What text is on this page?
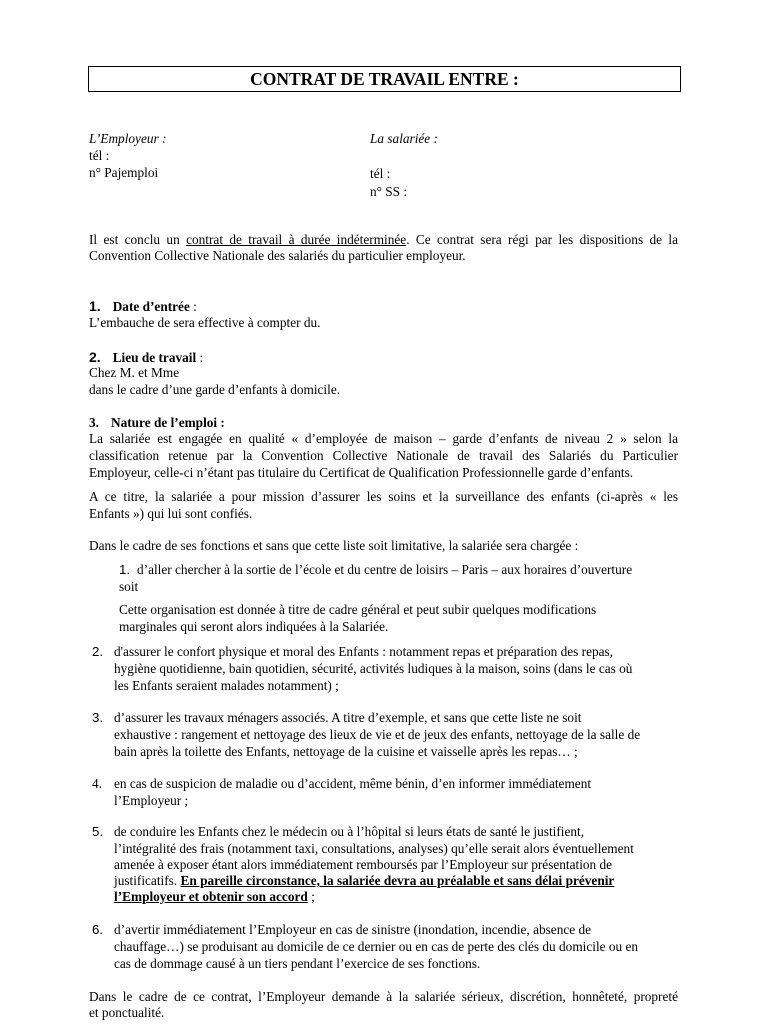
CONTRAT DE TRAVAIL ENTRE :
L’Employeur :
tél :
n° Pajemploi
La salariée :
tél :
n° SS :
Il est conclu un contrat de travail à durée indéterminée. Ce contrat sera régi par les dispositions de la
Convention Collective Nationale des salariés du particulier employeur.
1. Date d’entrée :
L’embauche de sera effective à compter du.
2. Lieu de travail :
Chez M. et Mme
dans le cadre d’une garde d’enfants à domicile.
3. Nature de l’emploi :
La salariée est engagée en qualité « d’employée de maison – garde d’enfants de niveau 2 » selon la
classification retenue par la Convention Collective Nationale de travail des Salariés du Particulier
Employeur, celle-ci n’étant pas titulaire du Certificat de Qualification Professionnelle garde d’enfants.
A ce titre, la salariée a pour mission d’assurer les soins et la surveillance des enfants (ci-après « les
Enfants ») qui lui sont confiés.
Dans le cadre de ses fonctions et sans que cette liste soit limitative, la salariée sera chargée :
1. d’aller chercher à la sortie de l’école et du centre de loisirs – Paris – aux horaires d’ouverture
soit
Cette organisation est donnée à titre de cadre général et peut subir quelques modifications
marginales qui seront alors indiquées à la Salariée.
2. d'assurer le confort physique et moral des Enfants : notamment repas et préparation des repas,
hygiène quotidienne, bain quotidien, sécurité, activités ludiques à la maison, soins (dans le cas où
les Enfants seraient malades notamment) ;
3. d’assurer les travaux ménagers associés. A titre d’exemple, et sans que cette liste ne soit
exhaustive : rangement et nettoyage des lieux de vie et de jeux des enfants, nettoyage de la salle de
bain après la toilette des Enfants, nettoyage de la cuisine et vaisselle après les repas… ;
4. en cas de suspicion de maladie ou d’accident, même bénin, d’en informer immédiatement
l’Employeur ;
5. de conduire les Enfants chez le médecin ou à l’hôpital si leurs états de santé le justifient,
l’intégralité des frais (notamment taxi, consultations, analyses) qu’elle serait alors éventuellement
amenée à exposer étant alors immédiatement remboursés par l’Employeur sur présentation de
justificatifs. En pareille circonstance, la salariée devra au préalable et sans délai prévenir
l’Employeur et obtenir son accord ;
6. d’avertir immédiatement l’Employeur en cas de sinistre (inondation, incendie, absence de
chauffage…) se produisant au domicile de ce dernier ou en cas de perte des clés du domicile ou en
cas de dommage causé à un tiers pendant l’exercice de ses fonctions.
Dans le cadre de ce contrat, l’Employeur demande à la salariée sérieux, discrétion, honnêteté, propreté
et ponctualité.
